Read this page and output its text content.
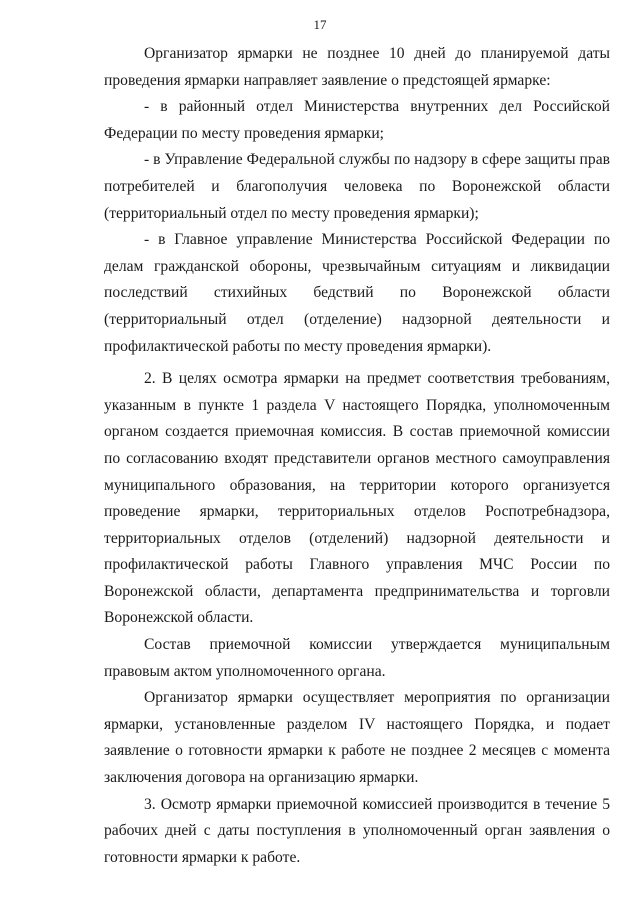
17

Организатор ярмарки не позднее 10 дней до планируемой даты проведения ярмарки направляет заявление о предстоящей ярмарке:

- в районный отдел Министерства внутренних дел Российской Федерации по месту проведения ярмарки;

- в Управление Федеральной службы по надзору в сфере защиты прав потребителей и благополучия человека по Воронежской области (территориальный отдел по месту проведения ярмарки);

- в Главное управление Министерства Российской Федерации по делам гражданской обороны, чрезвычайным ситуациям и ликвидации последствий стихийных бедствий по Воронежской области (территориальный отдел (отделение) надзорной деятельности и профилактической работы по месту проведения ярмарки).

2. В целях осмотра ярмарки на предмет соответствия требованиям, указанным в пункте 1 раздела V настоящего Порядка, уполномоченным органом создается приемочная комиссия. В состав приемочной комиссии по согласованию входят представители органов местного самоуправления муниципального образования, на территории которого организуется проведение ярмарки, территориальных отделов Роспотребнадзора, территориальных отделов (отделений) надзорной деятельности и профилактической работы Главного управления МЧС России по Воронежской области, департамента предпринимательства и торговли Воронежской области.

Состав приемочной комиссии утверждается муниципальным правовым актом уполномоченного органа.

Организатор ярмарки осуществляет мероприятия по организации ярмарки, установленные разделом IV настоящего Порядка, и подает заявление о готовности ярмарки к работе не позднее 2 месяцев с момента заключения договора на организацию ярмарки.

3. Осмотр ярмарки приемочной комиссией производится в течение 5 рабочих дней с даты поступления в уполномоченный орган заявления о готовности ярмарки к работе.
